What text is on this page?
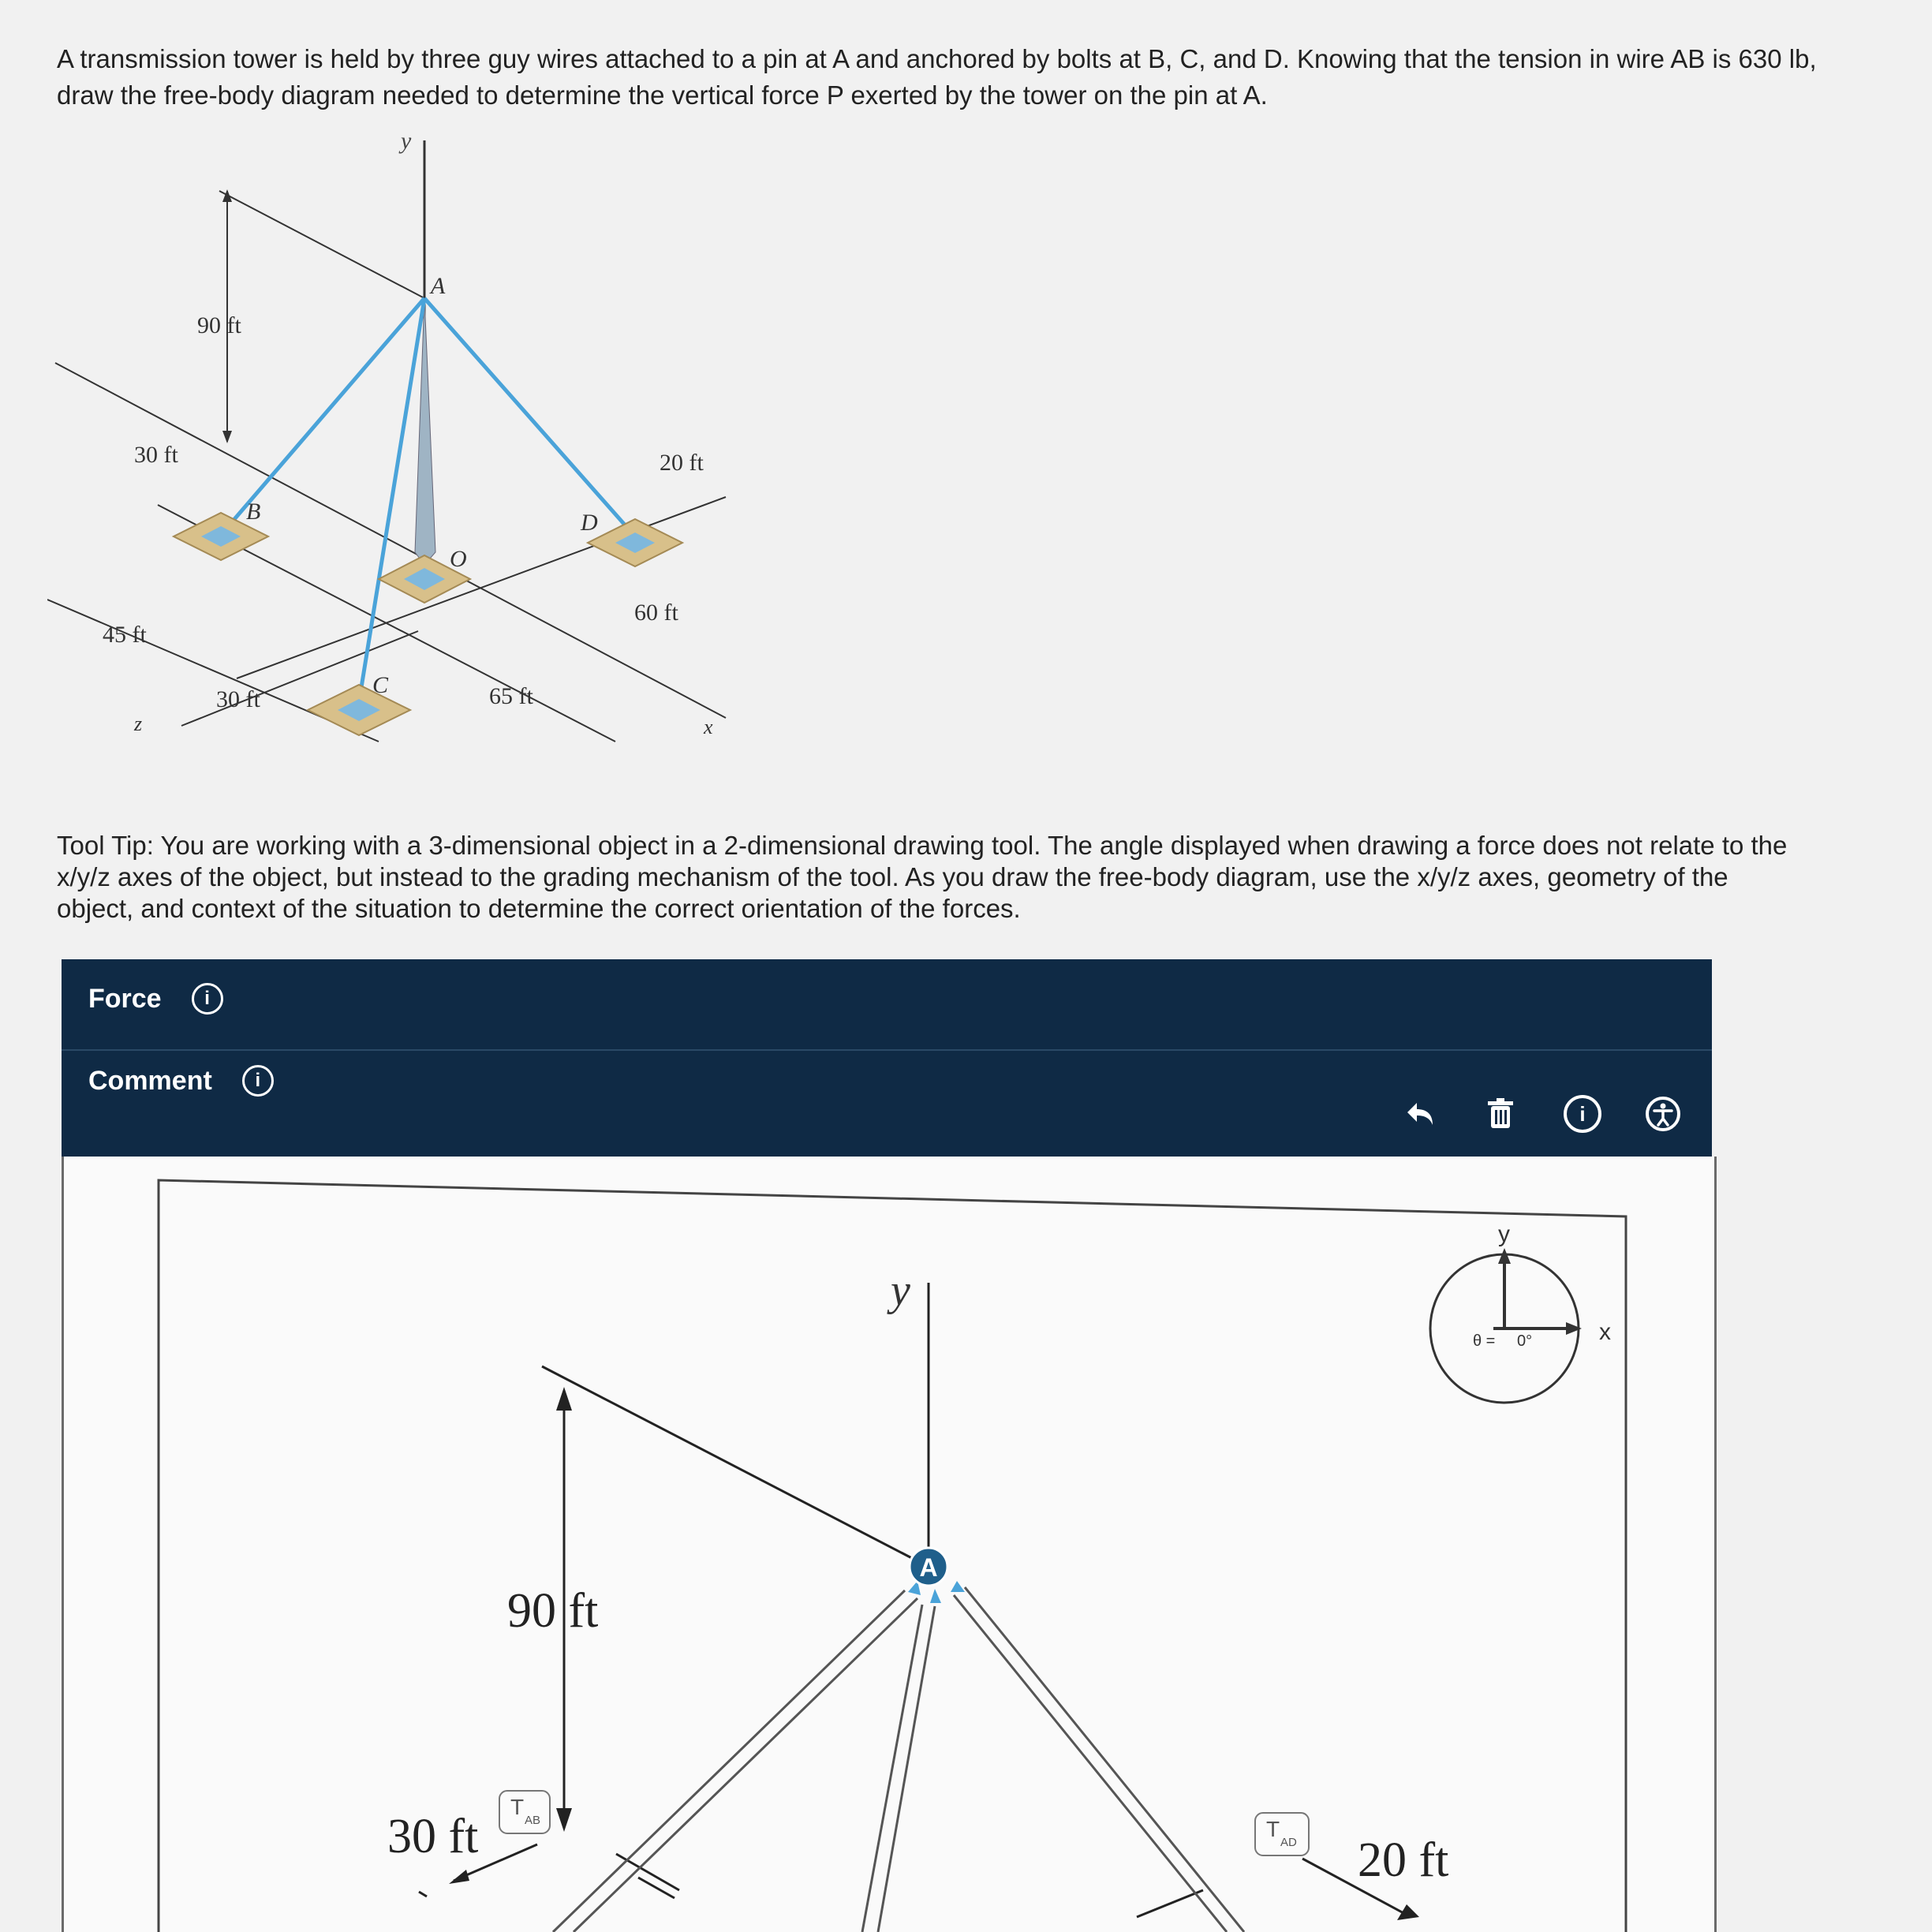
A transmission tower is held by three guy wires attached to a pin at A and anchored by bolts at B, C, and D. Knowing that the tension in wire AB is 630 lb, draw the free-body diagram needed to determine the vertical force P exerted by the tower on the pin at A.
y
A
B
O
D
C
x
z
90 ft
30 ft	20 ft
45 ft
60 ft
30 ft	65 ft
Tool Tip: You are working with a 3-dimensional object in a 2-dimensional drawing tool. The angle displayed when drawing a force does not relate to the x/y/z axes of the object, but instead to the grading mechanism of the tool. As you draw the free-body diagram, use the x/y/z axes, geometry of the object, and context of the situation to determine the correct orientation of the forces.
Force	i
Comment	i
i
y
90 ft
30 ft	20 ft
A
T
AB	T
AD
y
x
θ = 0°
